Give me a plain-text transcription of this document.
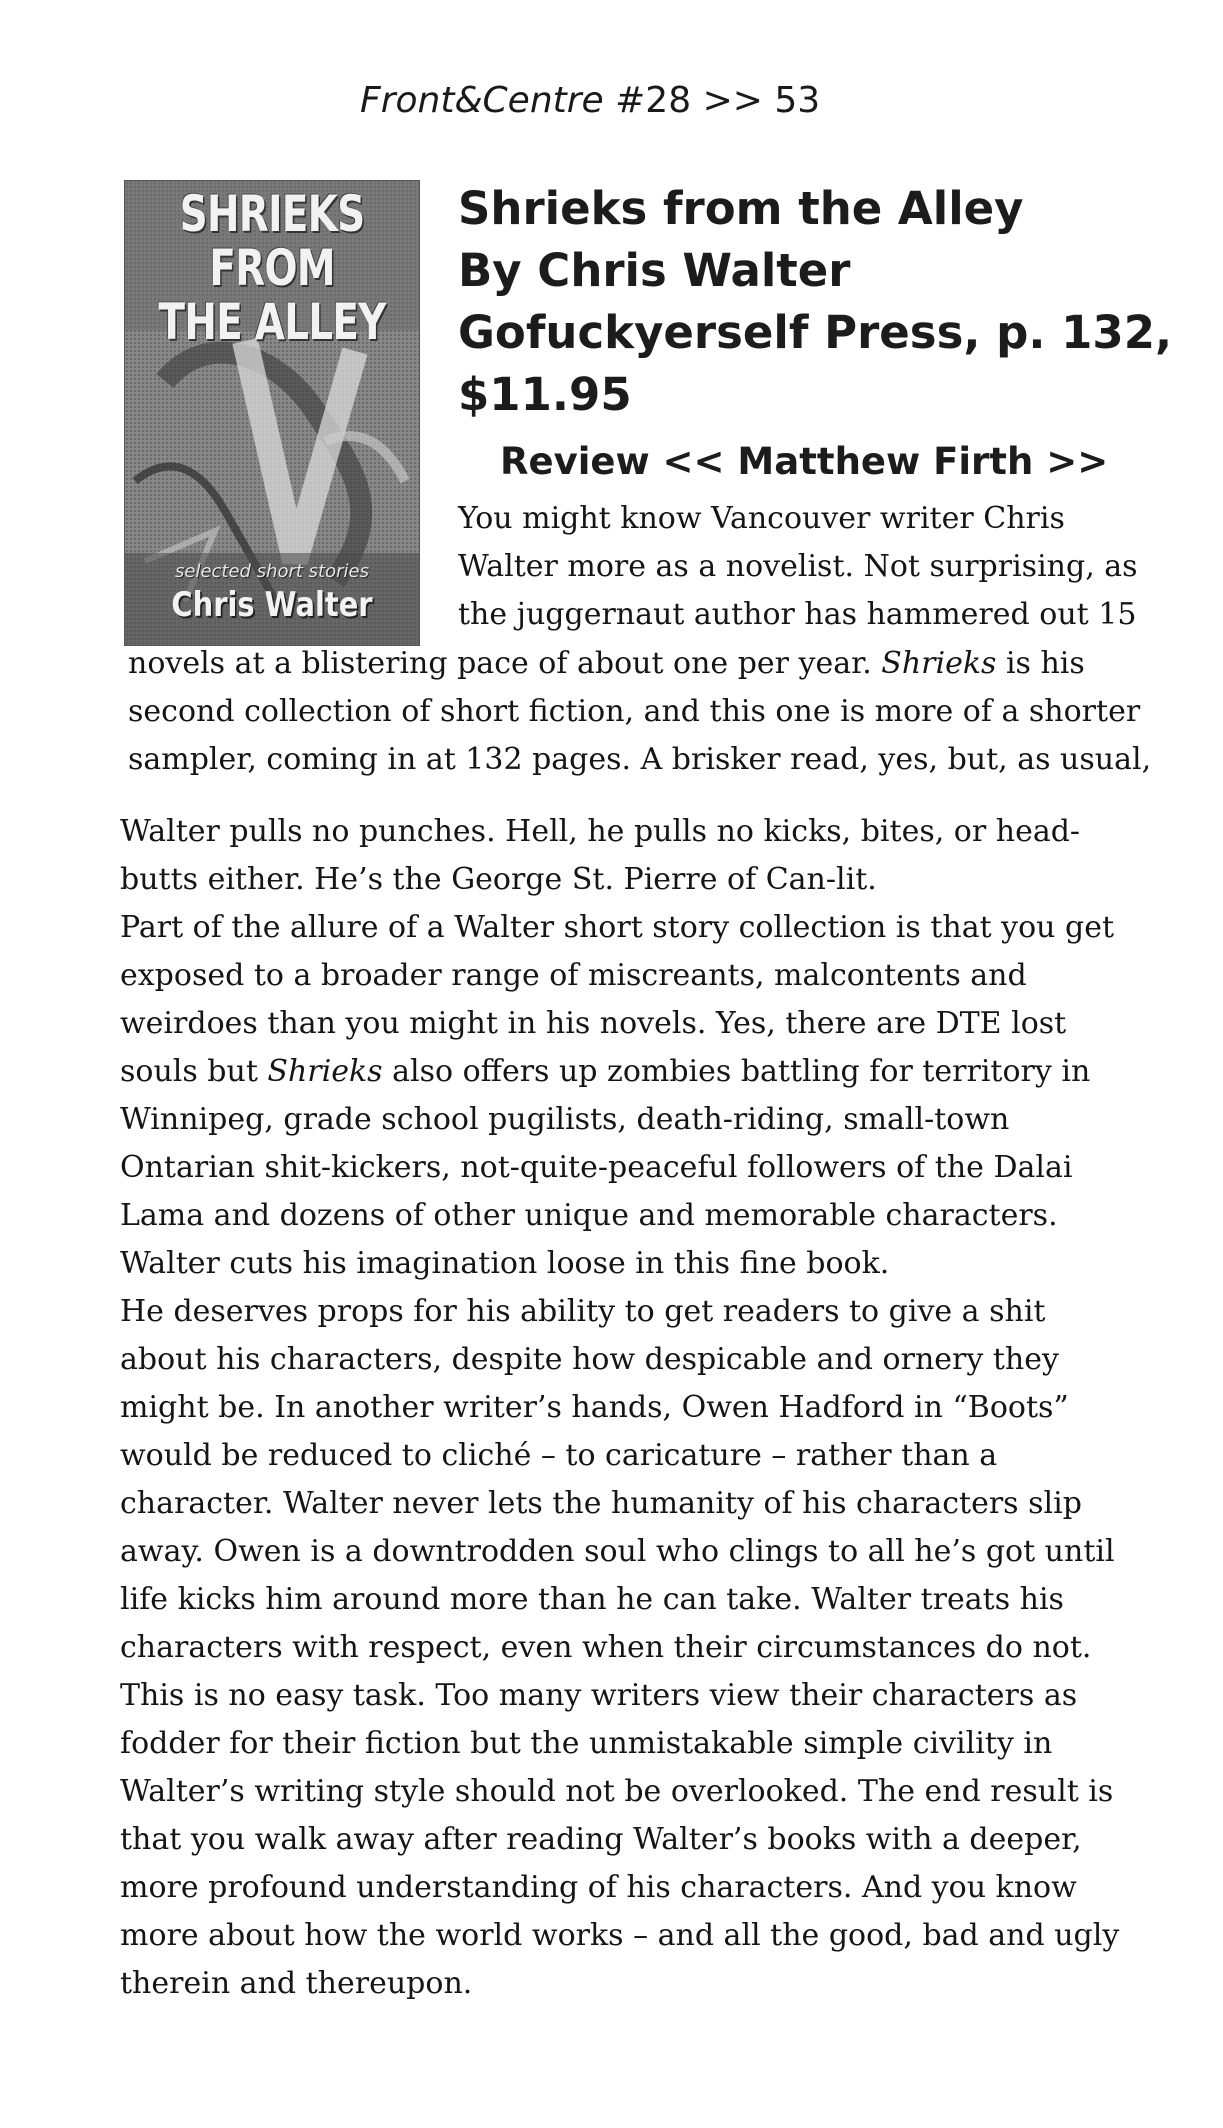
Front&Centre #28 >> 53
SHRIEKS FROM
THE ALLEY
selected short stories
Chris Walter
Shrieks from the Alley
By Chris Walter
Gofuckyerself Press, p. 132,
$11.95
Review << Matthew Firth >>
You might know Vancouver writer Chris
Walter more as a novelist. Not surprising, as
the juggernaut author has hammered out 15
novels at a blistering pace of about one per year. Shrieks is his
second collection of short fiction, and this one is more of a shorter
sampler, coming in at 132 pages. A brisker read, yes, but, as usual,
Walter pulls no punches. Hell, he pulls no kicks, bites, or head-
butts either. He’s the George St. Pierre of Can-lit.
Part of the allure of a Walter short story collection is that you get
exposed to a broader range of miscreants, malcontents and
weirdoes than you might in his novels. Yes, there are DTE lost
souls but Shrieks also offers up zombies battling for territory in
Winnipeg, grade school pugilists, death-riding, small-town
Ontarian shit-kickers, not-quite-peaceful followers of the Dalai
Lama and dozens of other unique and memorable characters.
Walter cuts his imagination loose in this fine book.
He deserves props for his ability to get readers to give a shit
about his characters, despite how despicable and ornery they
might be. In another writer’s hands, Owen Hadford in “Boots”
would be reduced to cliché – to caricature – rather than a
character. Walter never lets the humanity of his characters slip
away. Owen is a downtrodden soul who clings to all he’s got until
life kicks him around more than he can take. Walter treats his
characters with respect, even when their circumstances do not.
This is no easy task. Too many writers view their characters as
fodder for their fiction but the unmistakable simple civility in
Walter’s writing style should not be overlooked. The end result is
that you walk away after reading Walter’s books with a deeper,
more profound understanding of his characters. And you know
more about how the world works – and all the good, bad and ugly
therein and thereupon.
